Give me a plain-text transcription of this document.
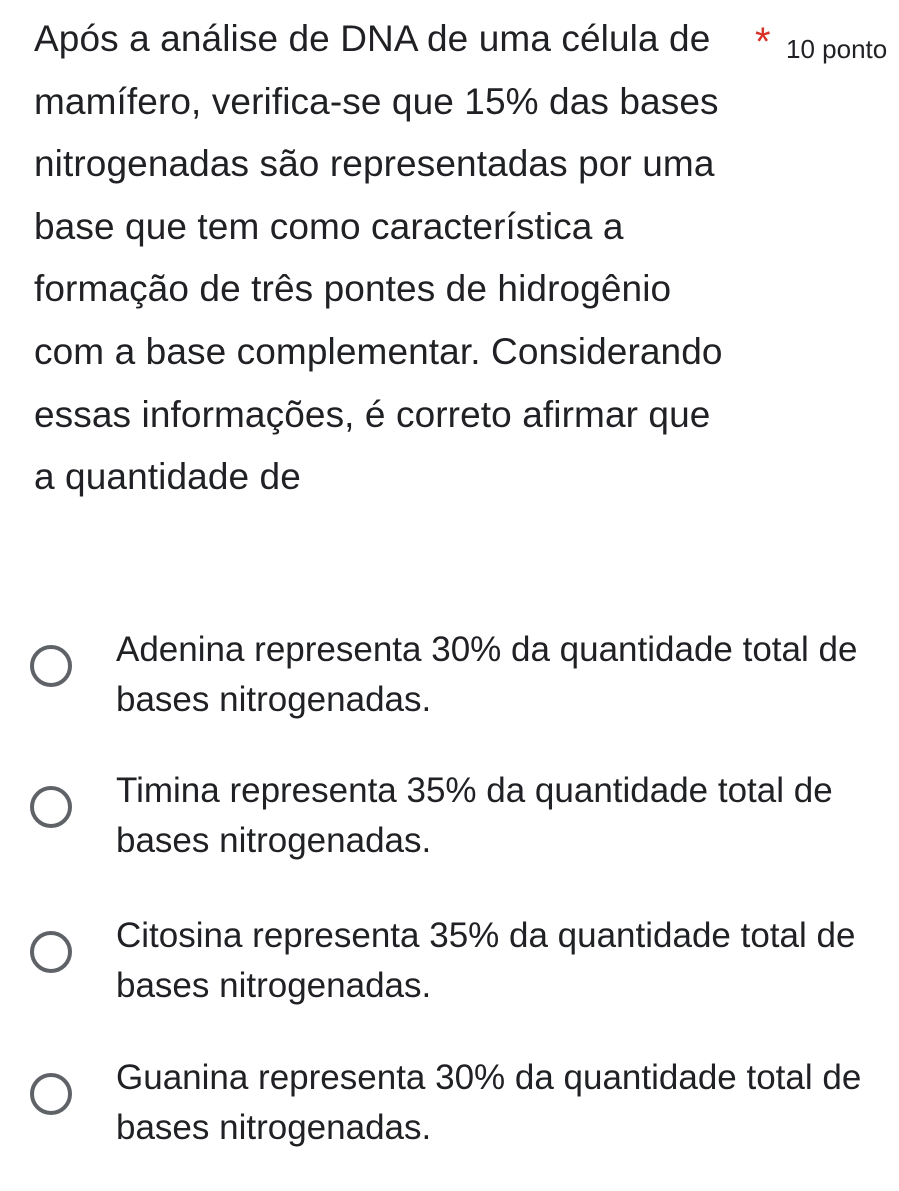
Após a análise de DNA de uma célula de mamífero, verifica-se que 15% das bases nitrogenadas são representadas por uma base que tem como característica a formação de três pontes de hidrogênio com a base complementar. Considerando essas informações, é correto afirmar que a quantidade de
* 10 ponto
Adenina representa 30% da quantidade total de bases nitrogenadas.
Timina representa 35% da quantidade total de bases nitrogenadas.
Citosina representa 35% da quantidade total de bases nitrogenadas.
Guanina representa 30% da quantidade total de bases nitrogenadas.
